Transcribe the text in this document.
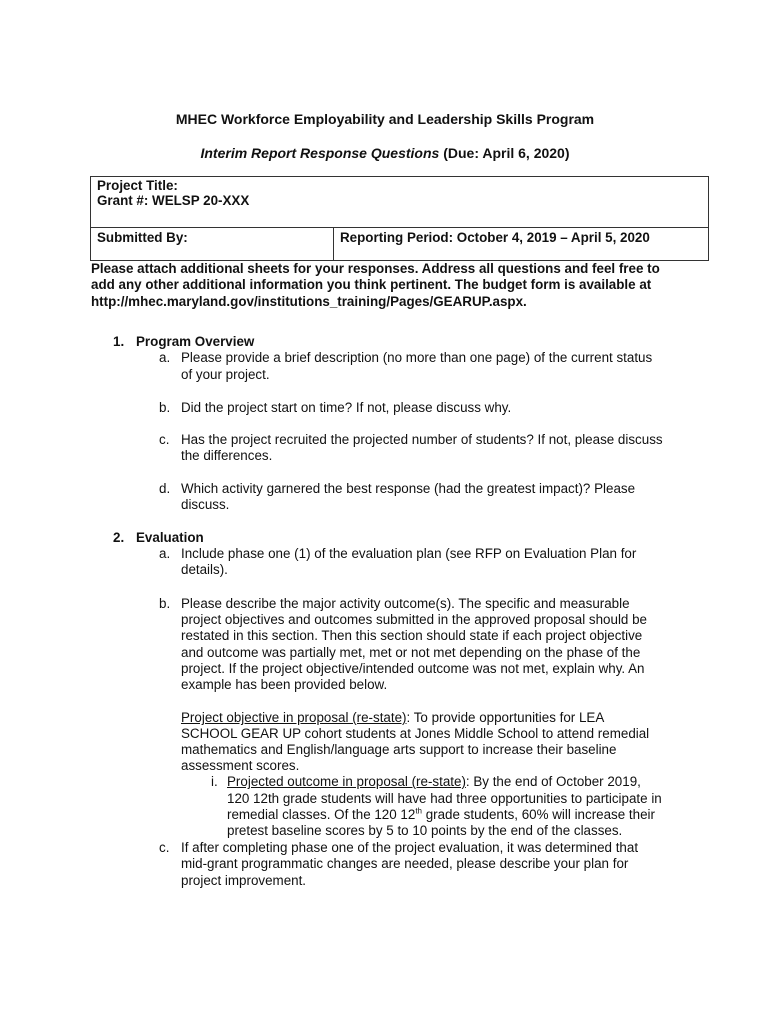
MHEC Workforce Employability and Leadership Skills Program
Interim Report Response Questions (Due: April 6, 2020)
Project Title:
Grant #: WELSP 20-XXX

Submitted By:	Reporting Period: October 4, 2019 – April 5, 2020
Please attach additional sheets for your responses. Address all questions and feel free to
add any other additional information you think pertinent. The budget form is available at
http://mhec.maryland.gov/institutions_training/Pages/GEARUP.aspx.
1. Program Overview
a. Please provide a brief description (no more than one page) of the current status
of your project.
b. Did the project start on time? If not, please discuss why.
c. Has the project recruited the projected number of students? If not, please discuss
the differences.
d. Which activity garnered the best response (had the greatest impact)? Please
discuss.
2. Evaluation
a. Include phase one (1) of the evaluation plan (see RFP on Evaluation Plan for
details).
b. Please describe the major activity outcome(s). The specific and measurable
project objectives and outcomes submitted in the approved proposal should be
restated in this section. Then this section should state if each project objective
and outcome was partially met, met or not met depending on the phase of the
project. If the project objective/intended outcome was not met, explain why. An
example has been provided below.
Project objective in proposal (re-state): To provide opportunities for LEA
SCHOOL GEAR UP cohort students at Jones Middle School to attend remedial
mathematics and English/language arts support to increase their baseline
assessment scores.
i. Projected outcome in proposal (re-state): By the end of October 2019,
120 12th grade students will have had three opportunities to participate in
remedial classes. Of the 120 12th grade students, 60% will increase their
pretest baseline scores by 5 to 10 points by the end of the classes.
c. If after completing phase one of the project evaluation, it was determined that
mid-grant programmatic changes are needed, please describe your plan for
project improvement.
